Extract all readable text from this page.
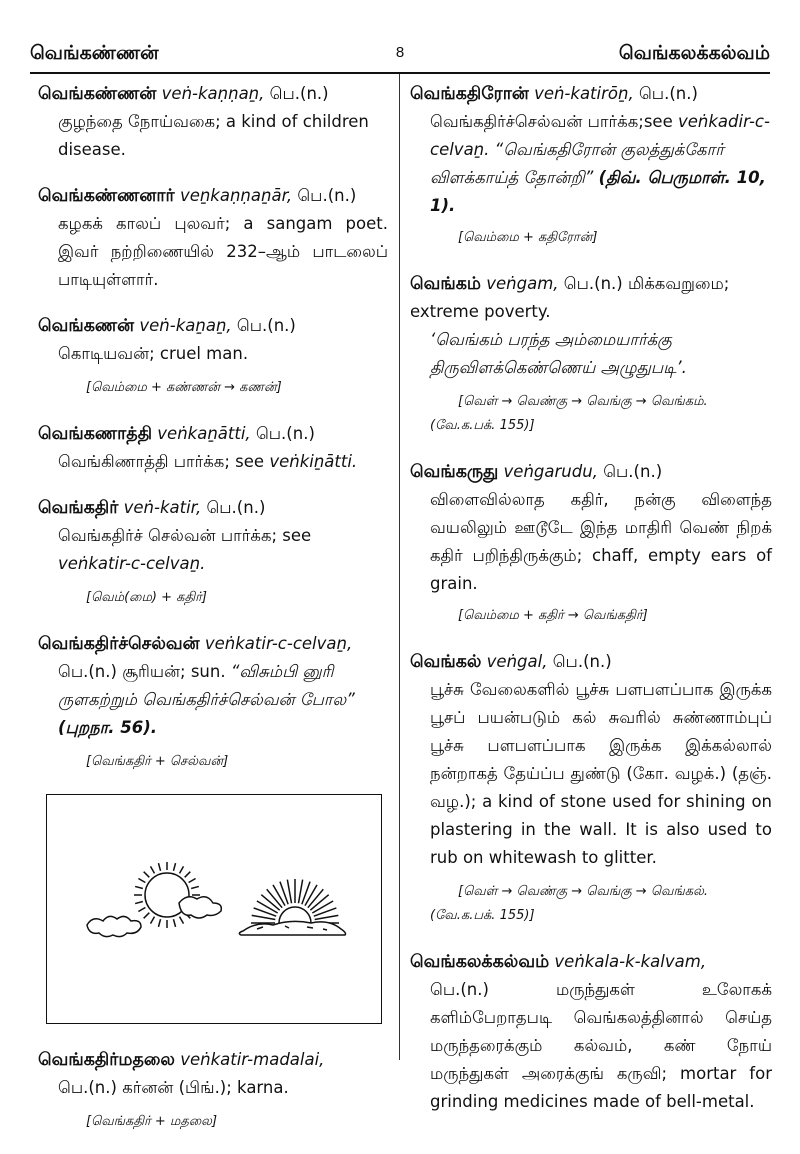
வெங்கண்ணன்	8	வெங்கலக்கல்வம்

வெங்கண்ணன் veṅ-kaṇṇaṉ, பெ.(n.)

குழந்தை நோய்வகை; a kind of children disease.

வெங்கண்ணனார் veṉkaṇṇaṉār, பெ.(n.)

கழகக் காலப் புலவர்; a sangam poet. இவர் நற்றிணையில் 232–ஆம் பாடலைப் பாடியுள்ளார்.

வெங்கணன் veṅ-kaṉaṉ, பெ.(n.)

கொடியவன்; cruel man.

[வெம்மை + கண்ணன் → கணன்]

வெங்கணாத்தி veṅkaṉātti, பெ.(n.)

வெங்கிணாத்தி பார்க்க; see veṅkiṉātti.

வெங்கதிர் veṅ-katir, பெ.(n.)

வெங்கதிர்ச் செல்வன் பார்க்க; see veṅkatir-c-celvaṉ.

[வெம்(மை) + கதிர்]

வெங்கதிர்ச்செல்வன் veṅkatir-c-celvaṉ,

பெ.(n.) சூரியன்; sun. “விசும்பி னுரி ருளகற்றும் வெங்கதிர்ச்செல்வன் போல” (புறநா. 56).

[வெங்கதிர் + செல்வன்]

வெங்கதிர்மதலை veṅkatir-madalai,

பெ.(n.) கர்னன் (பிங்.); karna.

[வெங்கதிர் + மதலை]

வெங்கதிரோன் veṅ-katirōṉ, பெ.(n.)

வெங்கதிர்ச்செல்வன் பார்க்க;see veṅkadir-c-celvaṉ. “வெங்கதிரோன் குலத்துக்கோர் விளக்காய்த் தோன்றி” (திவ். பெருமாள். 10, 1).

[வெம்மை + கதிரோன்]

வெங்கம் veṅgam, பெ.(n.) மிக்கவறுமை; extreme poverty.

‘வெங்கம் பரந்த அம்மையார்க்கு திருவிளக்கெண்ணெய் அழுதுபடி’.

[வெள் → வெண்கு → வெங்கு → வெங்கம்.
(வே.க.பக். 155)]

வெங்கருது veṅgarudu, பெ.(n.)

விளைவில்லாத கதிர், நன்கு விளைந்த வயலிலும் ஊடூடே இந்த மாதிரி வெண் நிறக் கதிர் பறிந்திருக்கும்; chaff, empty ears of grain.

[வெம்மை + கதிர் → வெங்கதிர்]

வெங்கல் veṅgal, பெ.(n.)

பூச்சு வேலைகளில் பூச்சு பளபளப்பாக இருக்க பூசப் பயன்படும் கல் சுவரில் சுண்ணாம்புப் பூச்சு பளபளப்பாக இருக்க இக்கல்லால் நன்றாகத் தேய்ப்ப துண்டு (கோ. வழக்.) (தஞ். வழ.); a kind of stone used for shining on plastering in the wall. It is also used to rub on whitewash to glitter.

[வெள் → வெண்கு → வெங்கு → வெங்கல்.
(வே.க.பக். 155)]

வெங்கலக்கல்வம் veṅkala-k-kalvam,

பெ.(n.)	மருந்துகள் உலோகக் களிம்பேறாதபடி வெங்கலத்தினால் செய்த மருந்தரைக்கும் கல்வம், கண் நோய் மருந்துகள் அரைக்குங் கருவி; mortar for grinding medicines made of bell-metal.
